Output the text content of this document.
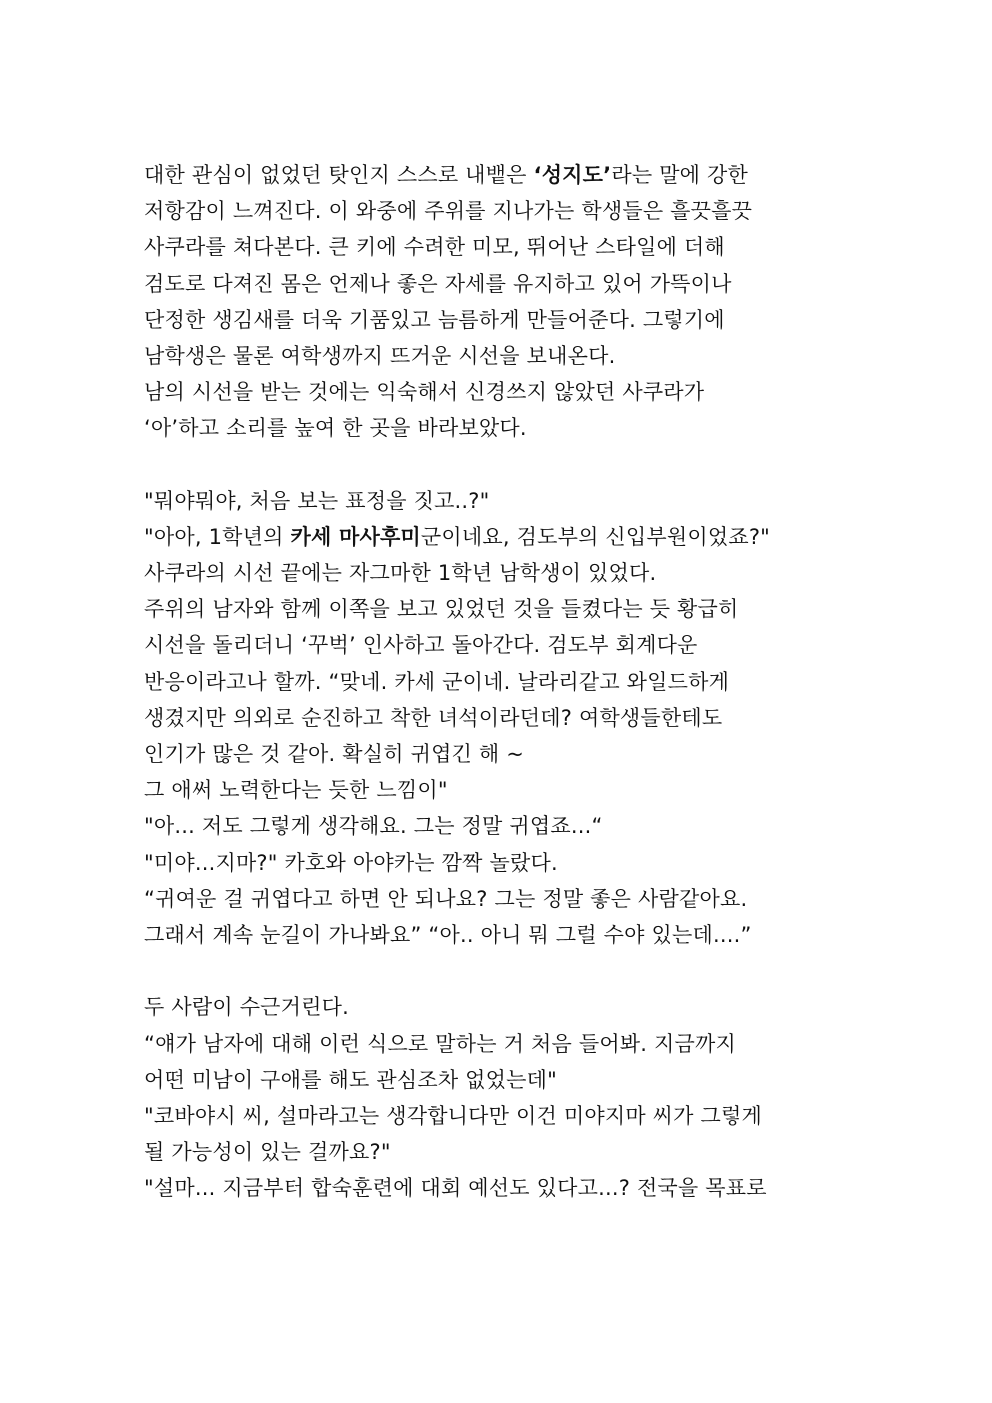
대한 관심이 없었던 탓인지 스스로 내뱉은 ‘성지도’라는 말에 강한
저항감이 느껴진다. 이 와중에 주위를 지나가는 학생들은 흘끗흘끗
사쿠라를 쳐다본다. 큰 키에 수려한 미모, 뛰어난 스타일에 더해
검도로 다져진 몸은 언제나 좋은 자세를 유지하고 있어 가뜩이나
단정한 생김새를 더욱 기품있고 늠름하게 만들어준다. 그렇기에
남학생은 물론 여학생까지 뜨거운 시선을 보내온다.
남의 시선을 받는 것에는 익숙해서 신경쓰지 않았던 사쿠라가
‘아’하고 소리를 높여 한 곳을 바라보았다.
"뭐야뭐야, 처음 보는 표정을 짓고..?"
"아아, 1학년의 카세 마사후미군이네요, 검도부의 신입부원이었죠?"
사쿠라의 시선 끝에는 자그마한 1학년 남학생이 있었다.
주위의 남자와 함께 이쪽을 보고 있었던 것을 들켰다는 듯 황급히
시선을 돌리더니 ‘꾸벅’ 인사하고 돌아간다. 검도부 회계다운
반응이라고나 할까. “맞네. 카세 군이네. 날라리같고 와일드하게
생겼지만 의외로 순진하고 착한 녀석이라던데? 여학생들한테도
인기가 많은 것 같아. 확실히 귀엽긴 해 ~
그 애써 노력한다는 듯한 느낌이"
"아... 저도 그렇게 생각해요. 그는 정말 귀엽죠...“
"미야...지마?" 카호와 아야카는 깜짝 놀랐다.
“귀여운 걸 귀엽다고 하면 안 되나요? 그는 정말 좋은 사람같아요.
그래서 계속 눈길이 가나봐요” “아.. 아니 뭐 그럴 수야 있는데....”
두 사람이 수근거린다.
“얘가 남자에 대해 이런 식으로 말하는 거 처음 들어봐. 지금까지
어떤 미남이 구애를 해도 관심조차 없었는데"
"코바야시 씨, 설마라고는 생각합니다만 이건 미야지마 씨가 그렇게
될 가능성이 있는 걸까요?"
"설마... 지금부터 합숙훈련에 대회 예선도 있다고...? 전국을 목표로
